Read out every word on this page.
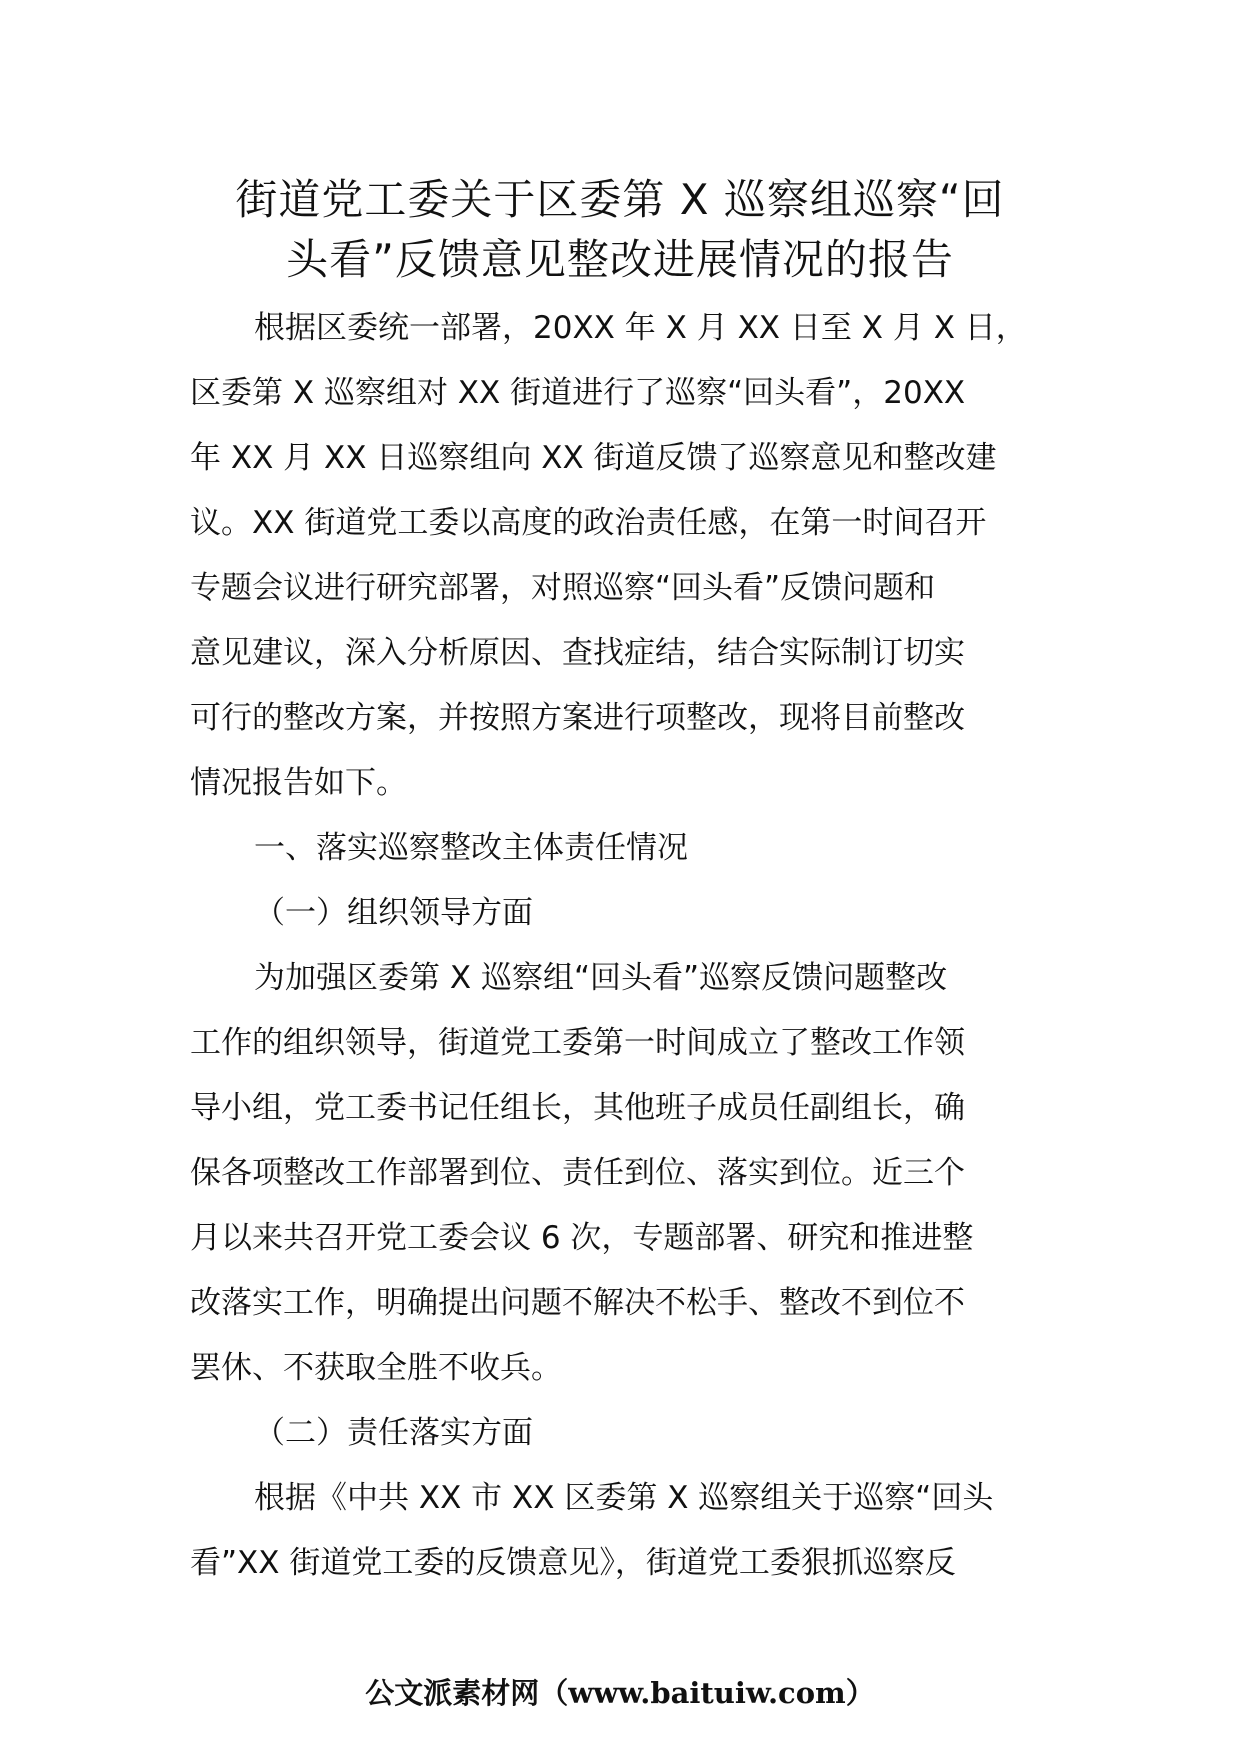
街道党工委关于区委第 X 巡察组巡察“回
头看”反馈意见整改进展情况的报告
根据区委统一部署，20XX 年 X 月 XX 日至 X 月 X 日，
区委第 X 巡察组对 XX 街道进行了巡察“回头看”，20XX
年 XX 月 XX 日巡察组向 XX 街道反馈了巡察意见和整改建
议。XX 街道党工委以高度的政治责任感，在第一时间召开
专题会议进行研究部署，对照巡察“回头看”反馈问题和
意见建议，深入分析原因、查找症结，结合实际制订切实
可行的整改方案，并按照方案进行项整改，现将目前整改
情况报告如下。
一、落实巡察整改主体责任情况
（一）组织领导方面
为加强区委第 X 巡察组“回头看”巡察反馈问题整改
工作的组织领导，街道党工委第一时间成立了整改工作领
导小组，党工委书记任组长，其他班子成员任副组长，确
保各项整改工作部署到位、责任到位、落实到位。近三个
月以来共召开党工委会议 6 次，专题部署、研究和推进整
改落实工作，明确提出问题不解决不松手、整改不到位不
罢休、不获取全胜不收兵。
（二）责任落实方面
根据《中共 XX 市 XX 区委第 X 巡察组关于巡察“回头
看”XX 街道党工委的反馈意见》，街道党工委狠抓巡察反
公文派素材网（www.baituiw.com）
